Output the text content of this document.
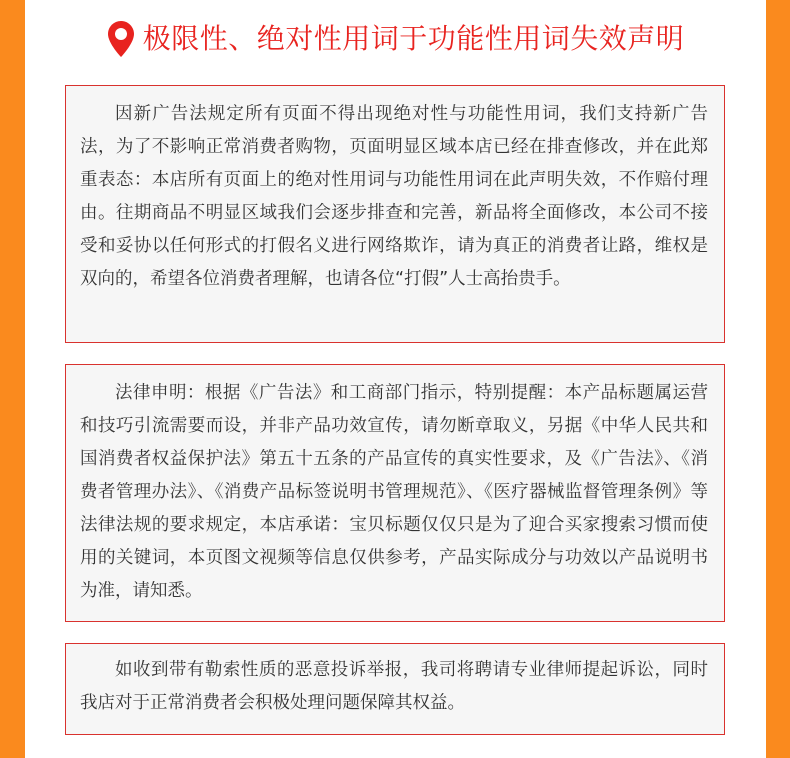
极限性、绝对性用词于功能性用词失效声明

因新广告法规定所有页面不得出现绝对性与功能性用词，我们支持新广告法，为了不影响正常消费者购物，页面明显区域本店已经在排查修改，并在此郑重表态：本店所有页面上的绝对性用词与功能性用词在此声明失效，不作赔付理由。往期商品不明显区域我们会逐步排查和完善，新品将全面修改，本公司不接受和妥协以任何形式的打假名义进行网络欺诈，请为真正的消费者让路，维权是双向的，希望各位消费者理解，也请各位“打假”人士高抬贵手。

法律申明：根据《广告法》和工商部门指示，特别提醒：本产品标题属运营和技巧引流需要而设，并非产品功效宣传，请勿断章取义，另据《中华人民共和国消费者权益保护法》第五十五条的产品宣传的真实性要求，及《广告法》、《消费者管理办法》、《消费产品标签说明书管理规范》、《医疗器械监督管理条例》等法律法规的要求规定，本店承诺：宝贝标题仅仅只是为了迎合买家搜索习惯而使用的关键词，本页图文视频等信息仅供参考，产品实际成分与功效以产品说明书为准，请知悉。

如收到带有勒索性质的恶意投诉举报，我司将聘请专业律师提起诉讼，同时我店对于正常消费者会积极处理问题保障其权益。
